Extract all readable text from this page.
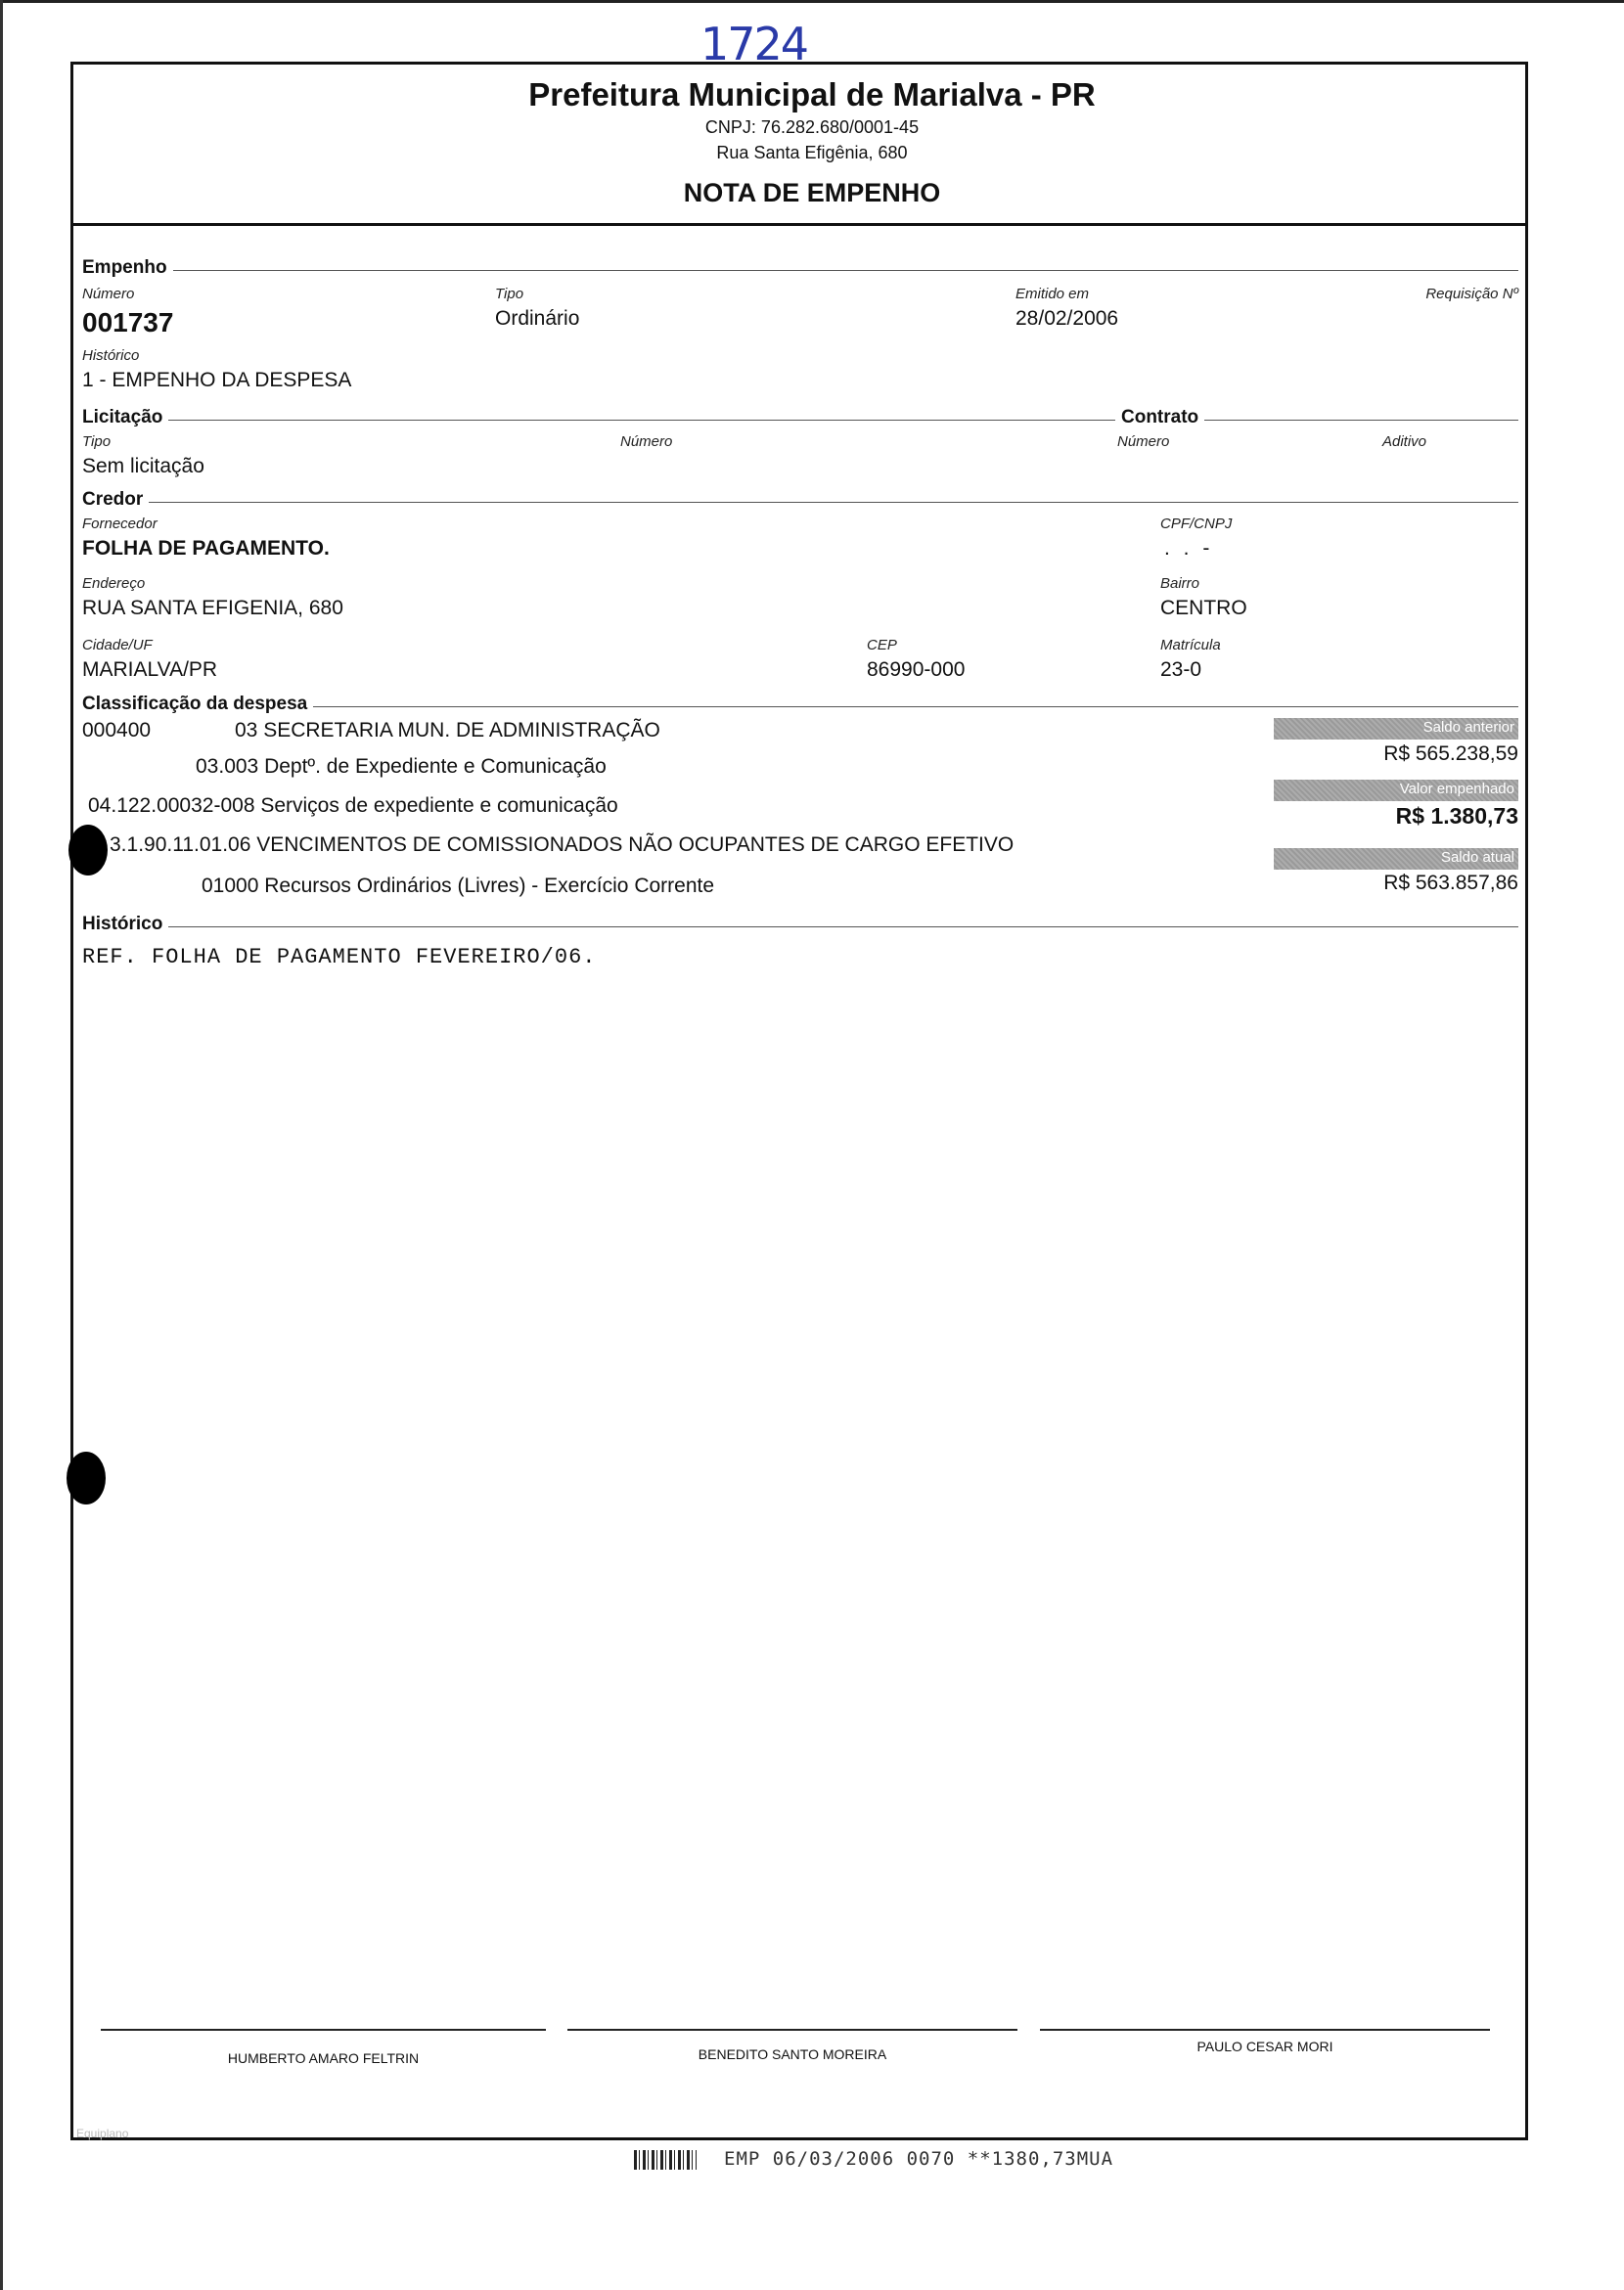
1724
Prefeitura Municipal de Marialva - PR
CNPJ: 76.282.680/0001-45
Rua Santa Efigênia, 680
NOTA DE EMPENHO
Empenho
Número
001737
Tipo
Ordinário
Emitido em
28/02/2006
Requisição Nº
Histórico
1 - EMPENHO DA DESPESA
Licitação	Contrato
Tipo
Sem licitação
Número	Número	Aditivo
Credor
Fornecedor
FOLHA DE PAGAMENTO.
CPF/CNPJ
. . -
Endereço
RUA SANTA EFIGENIA, 680
Bairro
CENTRO
Cidade/UF
MARIALVA/PR
CEP
86990-000
Matrícula
23-0
Classificação da despesa
000400	03 SECRETARIA MUN. DE ADMINISTRAÇÃO
03.003 Deptº. de Expediente e Comunicação
04.122.00032-008 Serviços de expediente e comunicação
3.1.90.11.01.06 VENCIMENTOS DE COMISSIONADOS NÃO OCUPANTES DE CARGO EFETIVO
01000 Recursos Ordinários (Livres) - Exercício Corrente
Saldo anterior
R$ 565.238,59
Valor empenhado
R$ 1.380,73
Saldo atual
R$ 563.857,86
Histórico
REF. FOLHA DE PAGAMENTO FEVEREIRO/06.
HUMBERTO AMARO FELTRIN	BENEDITO SANTO MOREIRA	PAULO CESAR MORI
Equiplano
EMP 06/03/2006 0070 **1380,73MUA
